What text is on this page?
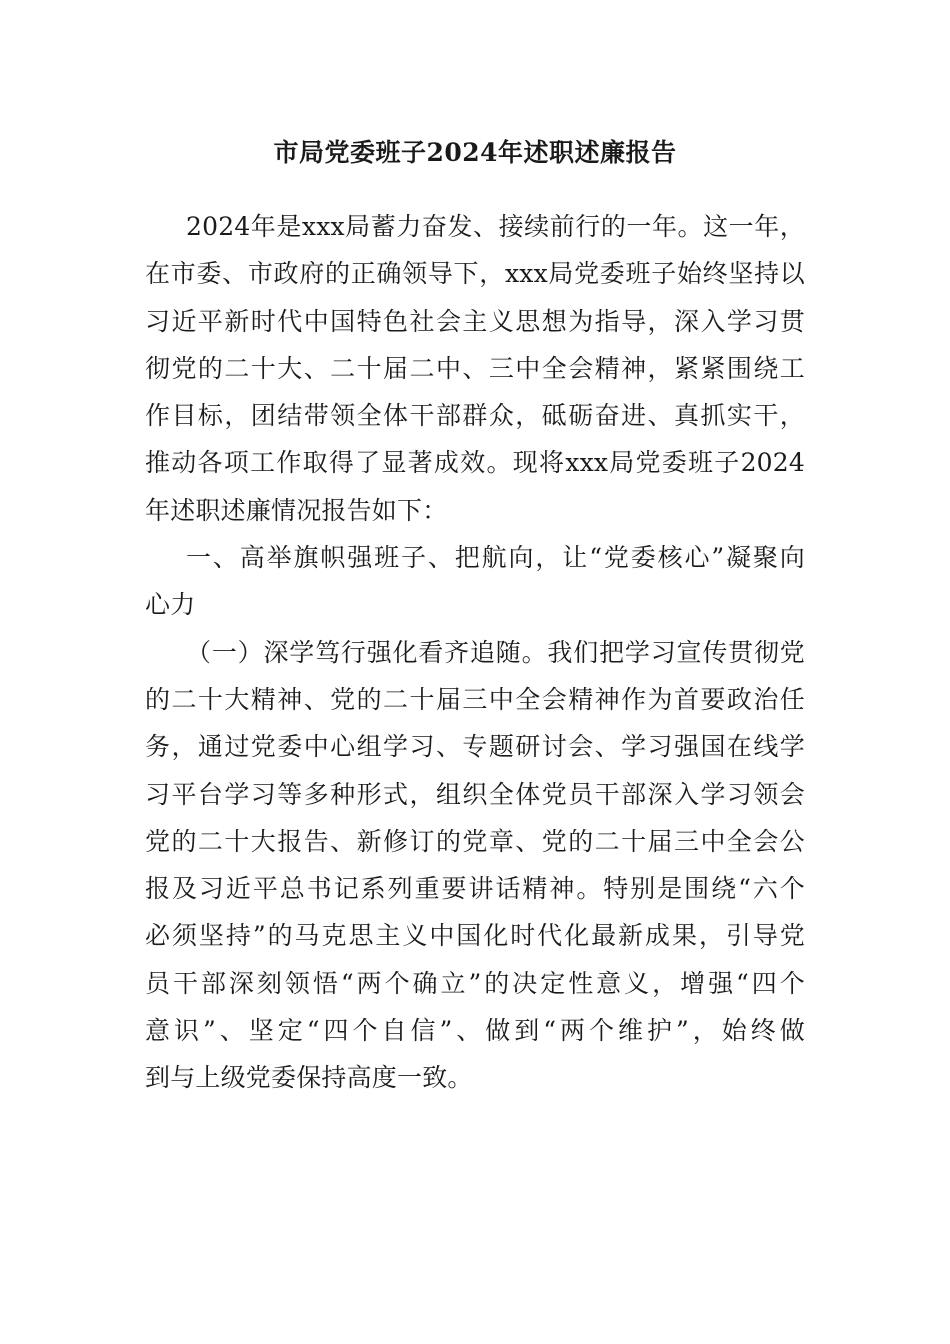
市局党委班子2024年述职述廉报告
2024年是xxx局蓄力奋发、接续前行的一年。这一年，
在市委、市政府的正确领导下，xxx局党委班子始终坚持以
习近平新时代中国特色社会主义思想为指导，深入学习贯
彻党的二十大、二十届二中、三中全会精神，紧紧围绕工
作目标，团结带领全体干部群众，砥砺奋进、真抓实干，
推动各项工作取得了显著成效。现将xxx局党委班子2024
年述职述廉情况报告如下：
一、高举旗帜强班子、把航向，让“党委核心”凝聚向
心力
（一）深学笃行强化看齐追随。我们把学习宣传贯彻党
的二十大精神、党的二十届三中全会精神作为首要政治任
务，通过党委中心组学习、专题研讨会、学习强国在线学
习平台学习等多种形式，组织全体党员干部深入学习领会
党的二十大报告、新修订的党章、党的二十届三中全会公
报及习近平总书记系列重要讲话精神。特别是围绕“六个
必须坚持”的马克思主义中国化时代化最新成果，引导党
员干部深刻领悟“两个确立”的决定性意义，增强“四个
意识”、坚定“四个自信”、做到“两个维护”，始终做
到与上级党委保持高度一致。
